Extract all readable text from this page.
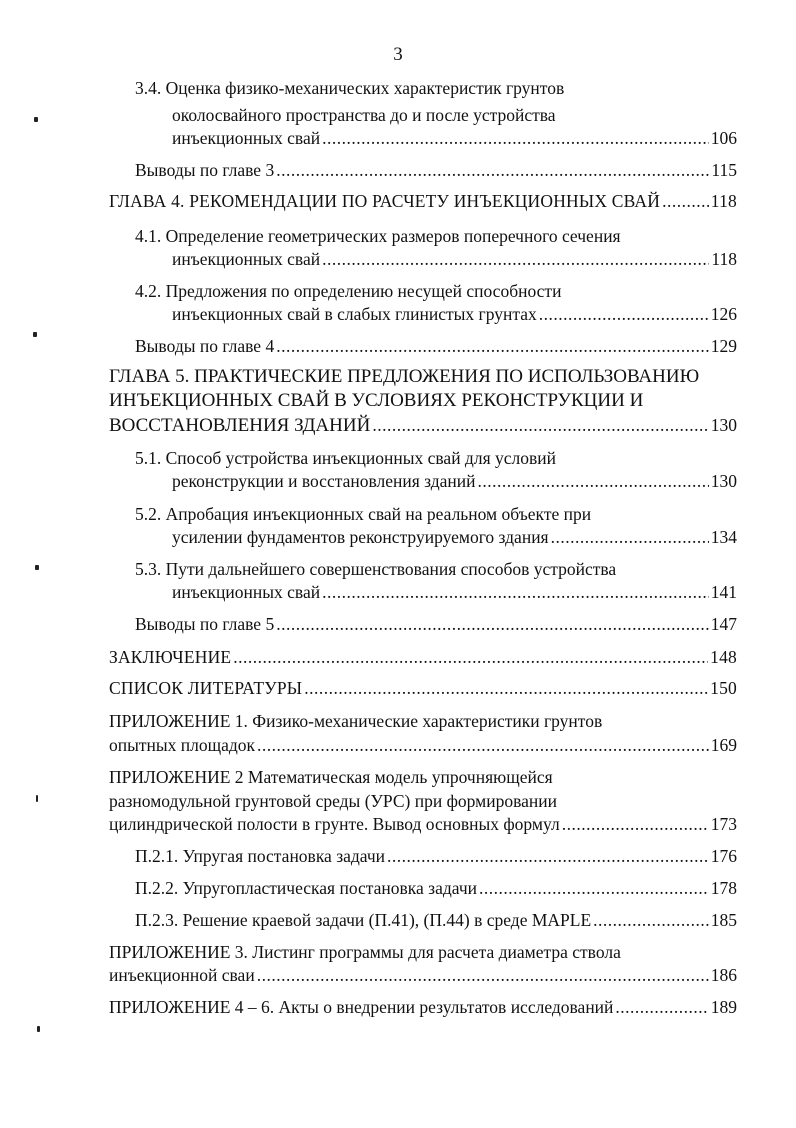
3
3.4. Оценка физико-механических характеристик грунтов
околосвайного пространства до и после устройства
инъекционных свай .....	106
Выводы по главе 3 .....	115
ГЛАВА 4. РЕКОМЕНДАЦИИ ПО РАСЧЕТУ ИНЪЕКЦИОННЫХ СВАЙ .....	118
4.1. Определение геометрических размеров поперечного сечения
инъекционных свай .....	118
4.2. Предложения по определению несущей способности
инъекционных свай в слабых глинистых грунтах .....	126
Выводы по главе 4 .....	129
ГЛАВА 5. ПРАКТИЧЕСКИЕ ПРЕДЛОЖЕНИЯ ПО ИСПОЛЬЗОВАНИЮ
ИНЪЕКЦИОННЫХ СВАЙ В УСЛОВИЯХ РЕКОНСТРУКЦИИ И
ВОССТАНОВЛЕНИЯ ЗДАНИЙ .....	130
5.1. Способ устройства инъекционных свай для условий
реконструкции и восстановления зданий .....	130
5.2. Апробация инъекционных свай на реальном объекте при
усилении фундаментов реконструируемого здания .....	134
5.3. Пути дальнейшего совершенствования способов устройства
инъекционных свай .....	141
Выводы по главе 5 .....	147
ЗАКЛЮЧЕНИЕ .....	148
СПИСОК ЛИТЕРАТУРЫ .....	150
ПРИЛОЖЕНИЕ 1. Физико-механические характеристики грунтов
опытных площадок .....	169
ПРИЛОЖЕНИЕ 2 Математическая модель упрочняющейся
разномодульной грунтовой среды (УРС) при формировании
цилиндрической полости в грунте. Вывод основных формул .....	173
П.2.1. Упругая постановка задачи .....	176
П.2.2. Упругопластическая постановка задачи .....	178
П.2.3. Решение краевой задачи (П.41), (П.44) в среде MAPLE .....	185
ПРИЛОЖЕНИЕ 3. Листинг программы для расчета диаметра ствола
инъекционной сваи .....	186
ПРИЛОЖЕНИЕ 4 – 6. Акты о внедрении результатов исследований .....	189
